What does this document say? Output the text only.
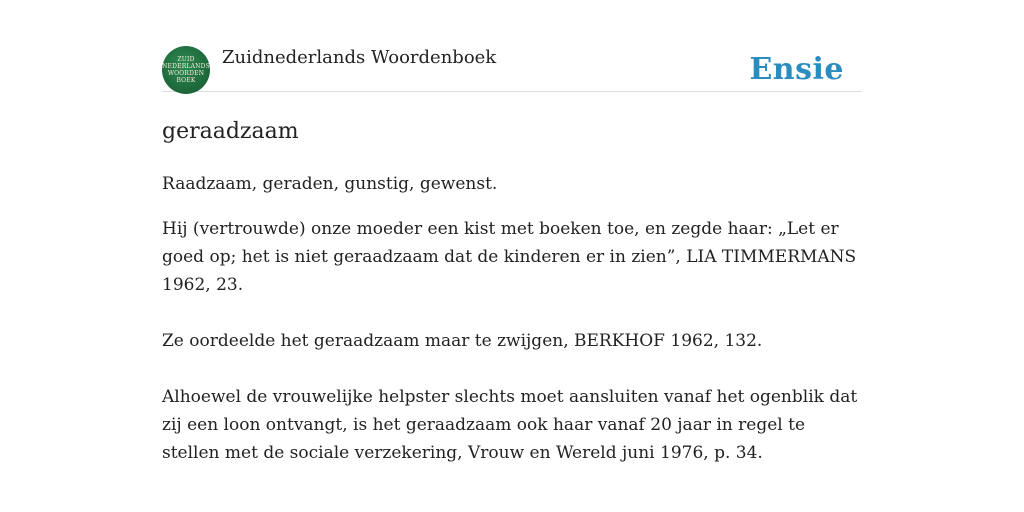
ZUID
NEDERLANDS
WOORDEN
BOEK
Zuidnederlands Woordenboek	Ensie
geraadzaam

Raadzaam, geraden, gunstig, gewenst.

Hij (vertrouwde) onze moeder een kist met boeken toe, en zegde haar: „Let er goed op; het is niet geraadzaam dat de kinderen er in zien”, LIA TIMMERMANS 1962, 23.

Ze oordeelde het geraadzaam maar te zwijgen, BERKHOF 1962, 132.

Alhoewel de vrouwelijke helpster slechts moet aansluiten vanaf het ogenblik dat zij een loon ontvangt, is het geraadzaam ook haar vanaf 20 jaar in regel te stellen met de sociale verzekering, Vrouw en Wereld juni 1976, p. 34.
